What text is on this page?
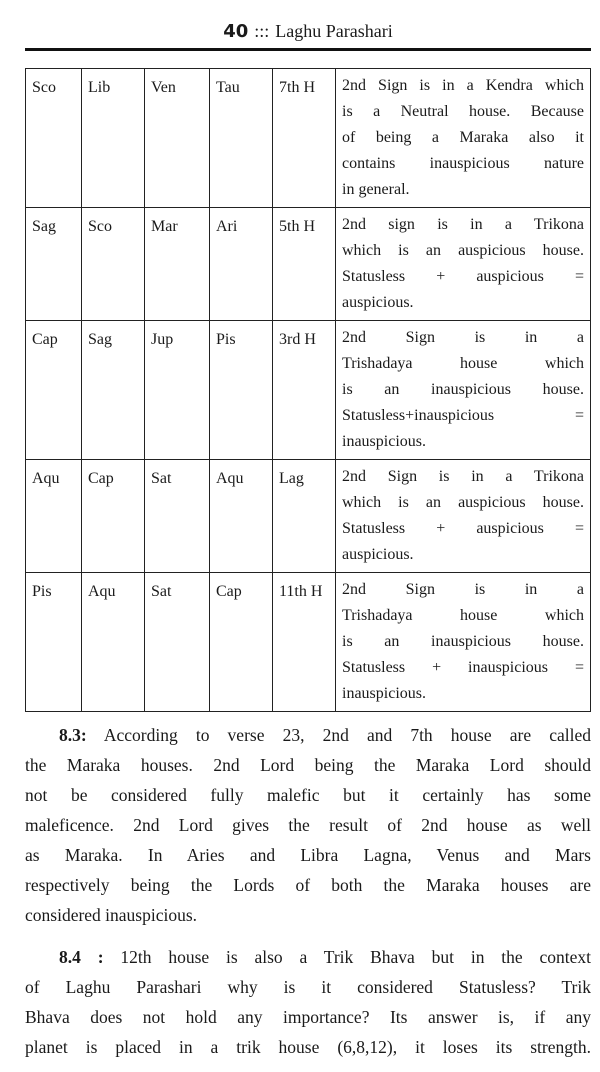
40 ::: Laghu Parashari
Sco	Lib	Ven	Tau	7th H	2nd Sign is in a Kendra which
is a Neutral house. Because
of being a Maraka also it
contains inauspicious nature
in general.

Sag	Sco	Mar	Ari	5th H	2nd sign is in a Trikona
which is an auspicious house.
Statusless + auspicious =
auspicious.

Cap	Sag	Jup	Pis	3rd H	2nd Sign is in a
Trishadaya house which
is an inauspicious house.
Statusless+inauspicious =
inauspicious.

Aqu	Cap	Sat	Aqu	Lag	2nd Sign is in a Trikona
which is an auspicious house.
Statusless + auspicious =
auspicious.

Pis	Aqu	Sat	Cap	11th H	2nd Sign is in a
Trishadaya house which
is an inauspicious house.
Statusless + inauspicious =
inauspicious.
8.3: According to verse 23, 2nd and 7th house are called
the Maraka houses. 2nd Lord being the Maraka Lord should
not be considered fully malefic but it certainly has some
maleficence. 2nd Lord gives the result of 2nd house as well
as Maraka. In Aries and Libra Lagna, Venus and Mars
respectively being the Lords of both the Maraka houses are
considered inauspicious.
8.4 : 12th house is also a Trik Bhava but in the context
of Laghu Parashari why is it considered Statusless? Trik
Bhava does not hold any importance? Its answer is, if any
planet is placed in a trik house (6,8,12), it loses its strength.
